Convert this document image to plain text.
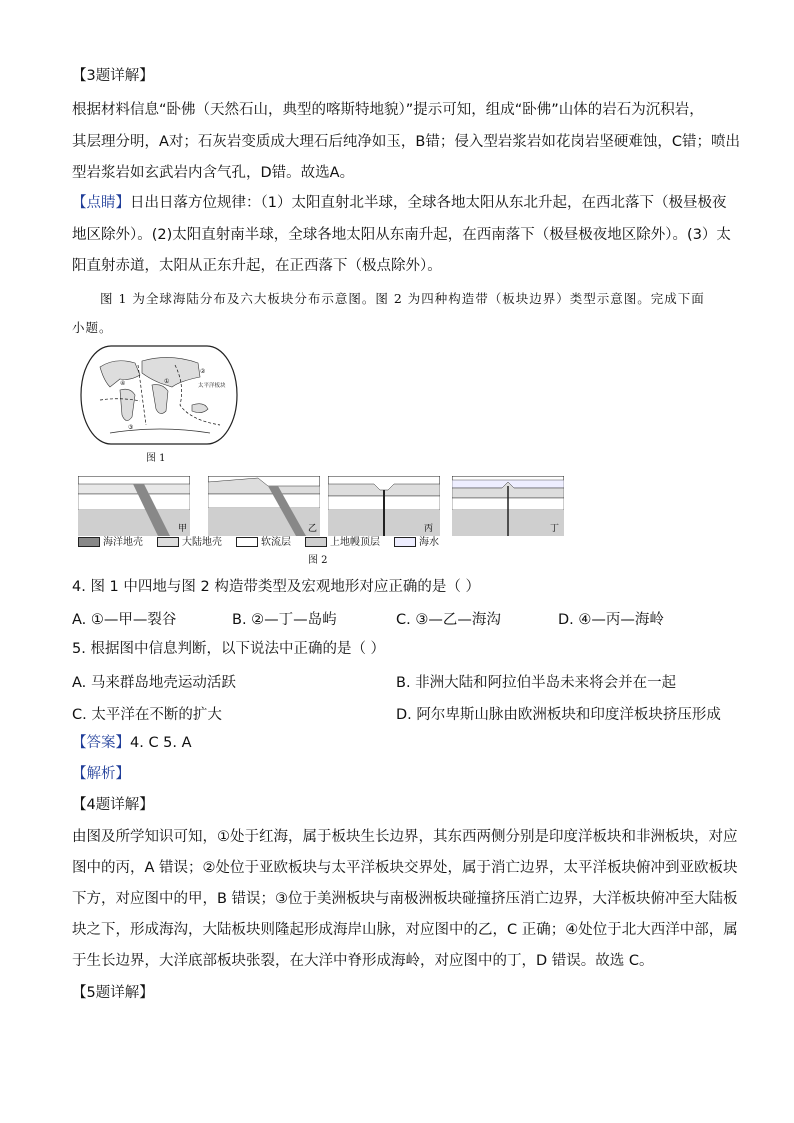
【3题详解】
根据材料信息“卧佛（天然石山，典型的喀斯特地貌）”提示可知，组成“卧佛”山体的岩石为沉积岩，
其层理分明，A对；石灰岩变质成大理石后纯净如玉，B错；侵入型岩浆岩如花岗岩坚硬难蚀，C错；喷出
型岩浆岩如玄武岩内含气孔，D错。故选A。
【点睛】日出日落方位规律：（1）太阳直射北半球，全球各地太阳从东北升起，在西北落下（极昼极夜
地区除外）。(2)太阳直射南半球，全球各地太阳从东南升起，在西南落下（极昼极夜地区除外）。(3）太
阳直射赤道，太阳从正东升起，在正西落下（极点除外）。
图 1 为全球海陆分布及六大板块分布示意图。图 2 为四种构造带（板块边界）类型示意图。完成下面
小题。
太平洋板块
①
②
③
④
图 1
甲	乙	丙	丁
海洋地壳	大陆地壳	软流层	上地幔顶层	海水
图 2
4. 图 1 中四地与图 2 构造带类型及宏观地形对应正确的是（ ）
A. ①—甲—裂谷	B. ②—丁—岛屿	C. ③—乙—海沟	D. ④—丙—海岭
5. 根据图中信息判断，以下说法中正确的是（ ）
A. 马来群岛地壳运动活跃	B. 非洲大陆和阿拉伯半岛未来将会并在一起
C. 太平洋在不断的扩大	D. 阿尔卑斯山脉由欧洲板块和印度洋板块挤压形成
【答案】4. C 5. A
【解析】
【4题详解】
由图及所学知识可知，①处于红海，属于板块生长边界，其东西两侧分别是印度洋板块和非洲板块，对应
图中的丙，A 错误；②处位于亚欧板块与太平洋板块交界处，属于消亡边界，太平洋板块俯冲到亚欧板块
下方，对应图中的甲，B 错误；③位于美洲板块与南极洲板块碰撞挤压消亡边界，大洋板块俯冲至大陆板
块之下，形成海沟，大陆板块则隆起形成海岸山脉，对应图中的乙，C 正确；④处位于北大西洋中部，属
于生长边界，大洋底部板块张裂，在大洋中脊形成海岭，对应图中的丁，D 错误。故选 C。
【5题详解】
